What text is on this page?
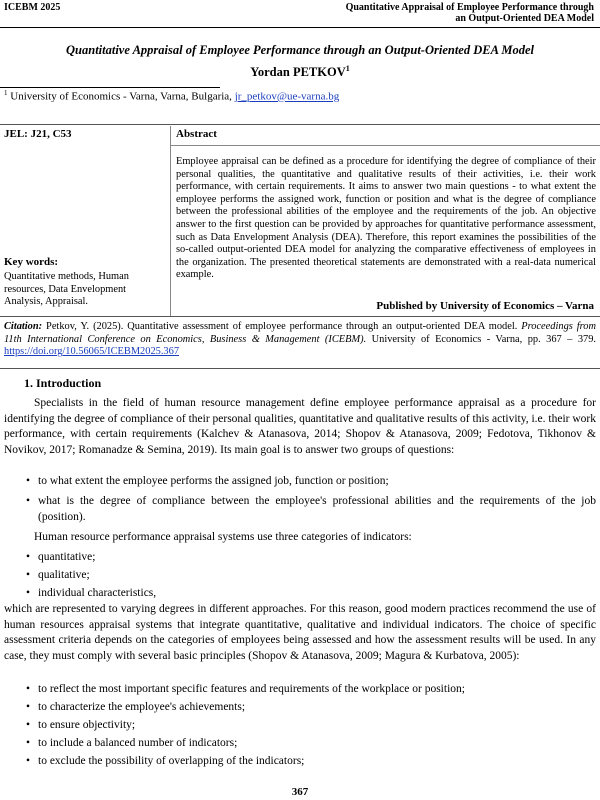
ICEBM 2025	Quantitative Appraisal of Employee Performance through
an Output-Oriented DEA Model
Quantitative Appraisal of Employee Performance through an Output-Oriented DEA Model
Yordan PETKOV$^1$
$^1$ University of Economics - Varna, Varna, Bulgaria, jr_petkov@ue-varna.bg
JEL: J21, C53	Abstract
Employee appraisal can be defined as a procedure for identifying the degree of compliance of their personal qualities, the quantitative and qualitative results of their activities, i.e. their work performance, with certain requirements. It aims to answer two main questions - to what extent the employee performs the assigned work, function or position and what is the degree of compliance between the professional abilities of the employee and the requirements of the job. An objective answer to the first question can be provided by approaches for quantitative performance assessment, such as Data Envelopment Analysis (DEA). Therefore, this report examines the possibilities of the so-called output-oriented DEA model for analyzing the comparative effectiveness of employees in the organization. The presented theoretical statements are demonstrated with a real-data numerical example.
Key words:
Quantitative methods, Human resources, Data Envelopment Analysis, Appraisal.	Published by University of Economics – Varna
Citation: Petkov, Y. (2025). Quantitative assessment of employee performance through an output-oriented DEA model. Proceedings from 11th International Conference on Economics, Business & Management (ICEBM). University of Economics - Varna, pp. 367 – 379. https://doi.org/10.56065/ICEBM2025.367
1. Introduction
Specialists in the field of human resource management define employee performance appraisal as a procedure for identifying the degree of compliance of their personal qualities, quantitative and qualitative results of this activity, i.e. their work performance, with certain requirements (Kalchev & Atanasova, 2014; Shopov & Atanasova, 2009; Fedotova, Tikhonov & Novikov, 2017; Romanadze & Semina, 2019). Its main goal is to answer two groups of questions:
• to what extent the employee performs the assigned job, function or position;
• what is the degree of compliance between the employee's professional abilities and the requirements of the job (position).
Human resource performance appraisal systems use three categories of indicators:
• quantitative;
• qualitative;
• individual characteristics,
which are represented to varying degrees in different approaches. For this reason, good modern practices recommend the use of human resources appraisal systems that integrate quantitative, qualitative and individual indicators. The choice of specific assessment criteria depends on the categories of employees being assessed and how the assessment results will be used. In any case, they must comply with several basic principles (Shopov & Atanasova, 2009; Magura & Kurbatova, 2005):
• to reflect the most important specific features and requirements of the workplace or position;
• to characterize the employee's achievements;
• to ensure objectivity;
• to include a balanced number of indicators;
• to exclude the possibility of overlapping of the indicators;
367
